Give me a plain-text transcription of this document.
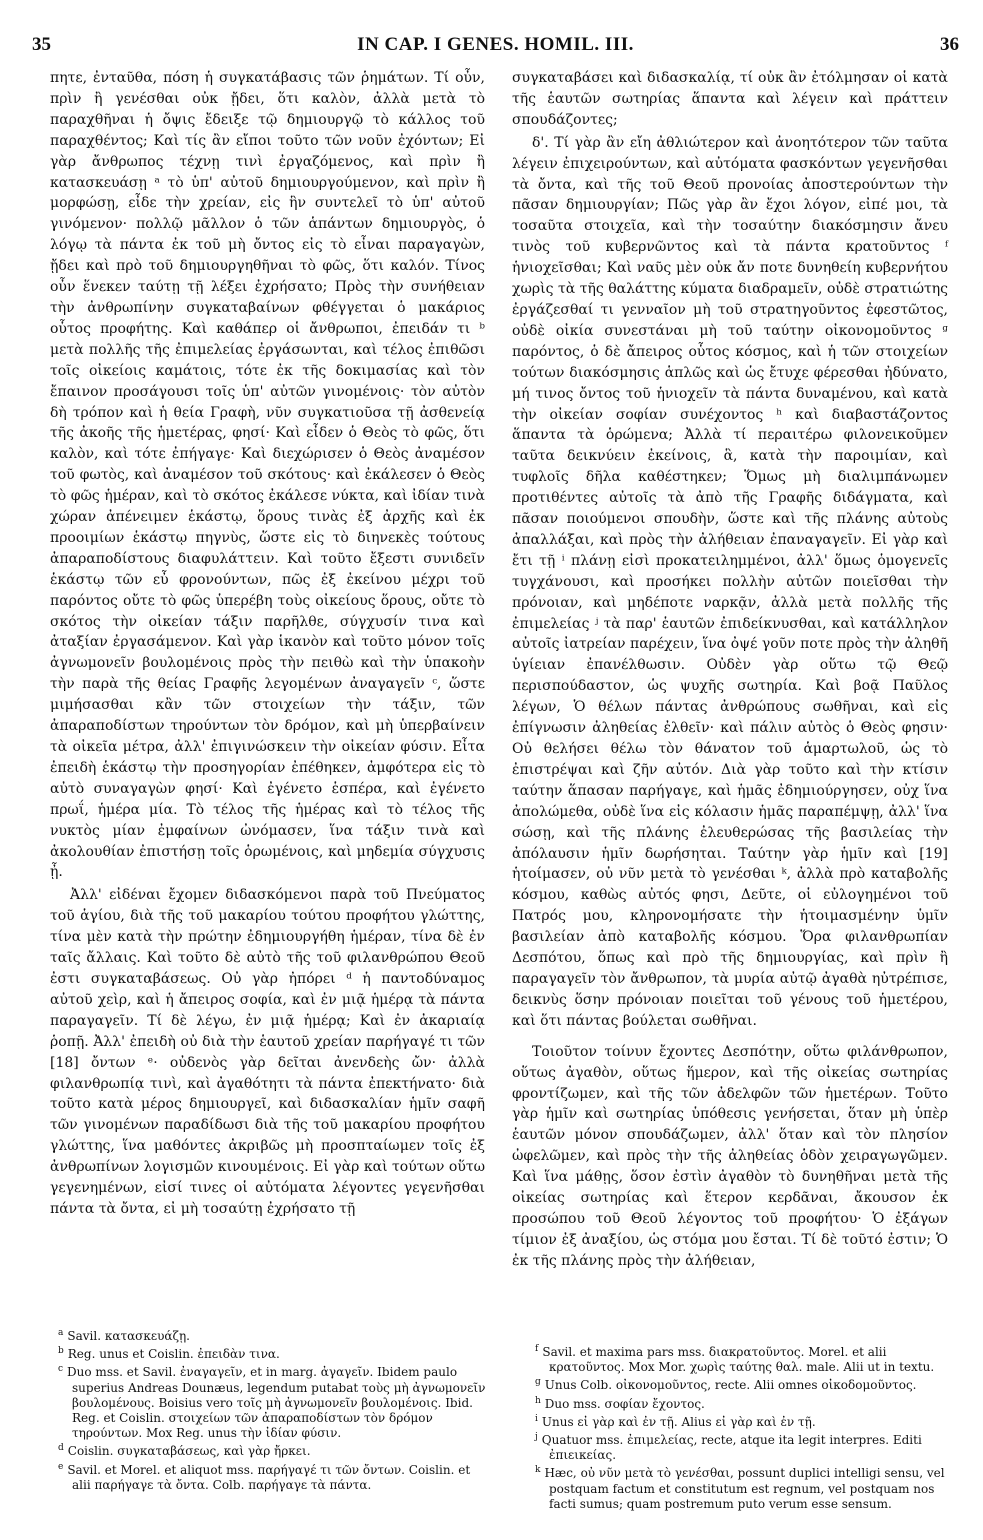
35	IN CAP. I GENES. HOMIL. III.	36

πητε, ἐνταῦθα, πόση ἡ συγκατάβασις τῶν ῥημάτων. Τί οὖν, πρὶν ἢ γενέσθαι οὐκ ᾔδει, ὅτι καλὸν, ἀλλὰ μετὰ τὸ παραχθῆναι ἡ ὄψις ἔδειξε τῷ δημιουργῷ τὸ κάλλος τοῦ παραχθέντος; Καὶ τίς ἂν εἴποι τοῦτο τῶν νοῦν ἐχόντων; Εἰ γὰρ ἄνθρωπος τέχνῃ τινὶ ἐργαζόμενος, καὶ πρὶν ἢ κατασκευάσῃ ᵃ τὸ ὑπ' αὐτοῦ δημιουργούμενον, καὶ πρὶν ἢ μορφώσῃ, εἶδε τὴν χρείαν, εἰς ἣν συντελεῖ τὸ ὑπ' αὐτοῦ γινόμενον· πολλῷ μᾶλλον ὁ τῶν ἁπάντων δημιουργὸς, ὁ λόγῳ τὰ πάντα ἐκ τοῦ μὴ ὄντος εἰς τὸ εἶναι παραγαγὼν, ᾔδει καὶ πρὸ τοῦ δημιουργηθῆναι τὸ φῶς, ὅτι καλόν. Τίνος οὖν ἕνεκεν ταύτῃ τῇ λέξει ἐχρήσατο; Πρὸς τὴν συνήθειαν τὴν ἀνθρωπίνην συγκαταβαίνων φθέγγεται ὁ μακάριος οὗτος προφήτης. Καὶ καθάπερ οἱ ἄνθρωποι, ἐπειδάν τι ᵇ μετὰ πολλῆς τῆς ἐπιμελείας ἐργάσωνται, καὶ τέλος ἐπιθῶσι τοῖς οἰκείοις καμάτοις, τότε ἐκ τῆς δοκιμασίας καὶ τὸν ἔπαινον προσάγουσι τοῖς ὑπ' αὐτῶν γινομένοις· τὸν αὐτὸν δὴ τρόπον καὶ ἡ θεία Γραφὴ, νῦν συγκατιοῦσα τῇ ἀσθενείᾳ τῆς ἀκοῆς τῆς ἡμετέρας, φησί· Καὶ εἶδεν ὁ Θεὸς τὸ φῶς, ὅτι καλὸν, καὶ τότε ἐπήγαγε· Καὶ διεχώρισεν ὁ Θεὸς ἀναμέσον τοῦ φωτὸς, καὶ ἀναμέσον τοῦ σκότους· καὶ ἐκάλεσεν ὁ Θεὸς τὸ φῶς ἡμέραν, καὶ τὸ σκότος ἐκάλεσε νύκτα, καὶ ἰδίαν τινὰ χώραν ἀπένειμεν ἑκάστῳ, ὅρους τινὰς ἐξ ἀρχῆς καὶ ἐκ προοιμίων ἑκάστῳ πηγνὺς, ὥστε εἰς τὸ διηνεκὲς τούτους ἀπαραποδίστους διαφυλάττειν. Καὶ τοῦτο ἔξεστι συνιδεῖν ἑκάστῳ τῶν εὖ φρονούντων, πῶς ἐξ ἐκείνου μέχρι τοῦ παρόντος οὔτε τὸ φῶς ὑπερέβη τοὺς οἰκείους ὅρους, οὔτε τὸ σκότος τὴν οἰκείαν τάξιν παρῆλθε, σύγχυσίν τινα καὶ ἀταξίαν ἐργασάμενον. Καὶ γὰρ ἱκανὸν καὶ τοῦτο μόνον τοῖς ἀγνωμονεῖν βουλομένοις πρὸς τὴν πειθὼ καὶ τὴν ὑπακοὴν τὴν παρὰ τῆς θείας Γραφῆς λεγομένων ἀναγαγεῖν ᶜ, ὥστε μιμήσασθαι κἂν τῶν στοιχείων τὴν τάξιν, τῶν ἀπαραποδίστων τηρούντων τὸν δρόμον, καὶ μὴ ὑπερβαίνειν τὰ οἰκεῖα μέτρα, ἀλλ' ἐπιγινώσκειν τὴν οἰκείαν φύσιν. Εἶτα ἐπειδὴ ἑκάστῳ τὴν προσηγορίαν ἐπέθηκεν, ἀμφότερα εἰς τὸ αὐτὸ συναγαγὼν φησί· Καὶ ἐγένετο ἑσπέρα, καὶ ἐγένετο πρωΐ, ἡμέρα μία. Τὸ τέλος τῆς ἡμέρας καὶ τὸ τέλος τῆς νυκτὸς μίαν ἐμφαίνων ὠνόμασεν, ἵνα τάξιν τινὰ καὶ ἀκολουθίαν ἐπιστήσῃ τοῖς ὁρωμένοις, καὶ μηδεμία σύγχυσις ᾖ.

Ἀλλ' εἰδέναι ἔχομεν διδασκόμενοι παρὰ τοῦ Πνεύματος τοῦ ἁγίου, διὰ τῆς τοῦ μακαρίου τούτου προφήτου γλώττης, τίνα μὲν κατὰ τὴν πρώτην ἐδημιουργήθη ἡμέραν, τίνα δὲ ἐν ταῖς ἄλλαις. Καὶ τοῦτο δὲ αὐτὸ τῆς τοῦ φιλανθρώπου Θεοῦ ἐστι συγκαταβάσεως. Οὐ γὰρ ἠπόρει ᵈ ἡ παντοδύναμος αὐτοῦ χεὶρ, καὶ ἡ ἄπειρος σοφία, καὶ ἐν μιᾷ ἡμέρᾳ τὰ πάντα παραγαγεῖν. Τί δὲ λέγω, ἐν μιᾷ ἡμέρᾳ; Καὶ ἐν ἀκαριαίᾳ ῥοπῇ. Ἀλλ' ἐπειδὴ οὐ διὰ τὴν ἑαυτοῦ χρείαν παρήγαγέ τι τῶν [18] ὄντων ᵉ· οὐδενὸς γὰρ δεῖται ἀνενδεὴς ὤν· ἀλλὰ φιλανθρωπίᾳ τινὶ, καὶ ἀγαθότητι τὰ πάντα ἐπεκτήνατο· διὰ τοῦτο κατὰ μέρος δημιουργεῖ, καὶ διδασκαλίαν ἡμῖν σαφῆ τῶν γινομένων παραδίδωσι διὰ τῆς τοῦ μακαρίου προφήτου γλώττης, ἵνα μαθόντες ἀκριβῶς μὴ προσπταίωμεν τοῖς ἐξ ἀνθρωπίνων λογισμῶν κινουμένοις. Εἰ γὰρ καὶ τούτων οὕτω γεγενημένων, εἰσί τινες οἱ αὐτόματα λέγοντες γεγενῆσθαι πάντα τὰ ὄντα, εἰ μὴ τοσαύτῃ ἐχρήσατο τῇ

συγκαταβάσει καὶ διδασκαλίᾳ, τί οὐκ ἂν ἐτόλμησαν οἱ κατὰ τῆς ἑαυτῶν σωτηρίας ἅπαντα καὶ λέγειν καὶ πράττειν σπουδάζοντες;

δ'. Τί γὰρ ἂν εἴη ἀθλιώτερον καὶ ἀνοητότερον τῶν ταῦτα λέγειν ἐπιχειρούντων, καὶ αὐτόματα φασκόντων γεγενῆσθαι τὰ ὄντα, καὶ τῆς τοῦ Θεοῦ προνοίας ἀποστερούντων τὴν πᾶσαν δημιουργίαν; Πῶς γὰρ ἂν ἔχοι λόγον, εἰπέ μοι, τὰ τοσαῦτα στοιχεῖα, καὶ τὴν τοσαύτην διακόσμησιν ἄνευ τινὸς τοῦ κυβερνῶντος καὶ τὰ πάντα κρατοῦντος ᶠ ἡνιοχεῖσθαι; Καὶ ναῦς μὲν οὐκ ἄν ποτε δυνηθείη κυβερνήτου χωρὶς τὰ τῆς θαλάττης κύματα διαδραμεῖν, οὐδὲ στρατιώτης ἐργάζεσθαί τι γενναῖον μὴ τοῦ στρατηγοῦντος ἐφεστῶτος, οὐδὲ οἰκία συνεστάναι μὴ τοῦ ταύτην οἰκονομοῦντος ᵍ παρόντος, ὁ δὲ ἄπειρος οὗτος κόσμος, καὶ ἡ τῶν στοιχείων τούτων διακόσμησις ἁπλῶς καὶ ὡς ἔτυχε φέρεσθαι ἠδύνατο, μή τινος ὄντος τοῦ ἡνιοχεῖν τὰ πάντα δυναμένου, καὶ κατὰ τὴν οἰκείαν σοφίαν συνέχοντος ʰ καὶ διαβαστάζοντος ἅπαντα τὰ ὁρώμενα; Ἀλλὰ τί περαιτέρω φιλονεικοῦμεν ταῦτα δεικνύειν ἐκείνοις, ἃ, κατὰ τὴν παροιμίαν, καὶ τυφλοῖς δῆλα καθέστηκεν; Ὅμως μὴ διαλιμπάνωμεν προτιθέντες αὐτοῖς τὰ ἀπὸ τῆς Γραφῆς διδάγματα, καὶ πᾶσαν ποιούμενοι σπουδὴν, ὥστε καὶ τῆς πλάνης αὐτοὺς ἀπαλλάξαι, καὶ πρὸς τὴν ἀλήθειαν ἐπαναγαγεῖν. Εἰ γὰρ καὶ ἔτι τῇ ⁱ πλάνῃ εἰσὶ προκατειλημμένοι, ἀλλ' ὅμως ὁμογενεῖς τυγχάνουσι, καὶ προσήκει πολλὴν αὐτῶν ποιεῖσθαι τὴν πρόνοιαν, καὶ μηδέποτε ναρκᾷν, ἀλλὰ μετὰ πολλῆς τῆς ἐπιμελείας ʲ τὰ παρ' ἑαυτῶν ἐπιδείκνυσθαι, καὶ κατάλληλον αὐτοῖς ἰατρείαν παρέχειν, ἵνα ὀψέ γοῦν ποτε πρὸς τὴν ἀληθῆ ὑγίειαν ἐπανέλθωσιν. Οὐδὲν γὰρ οὕτω τῷ Θεῷ περισπούδαστον, ὡς ψυχῆς σωτηρία. Καὶ βοᾷ Παῦλος λέγων, Ὁ θέλων πάντας ἀνθρώπους σωθῆναι, καὶ εἰς ἐπίγνωσιν ἀληθείας ἐλθεῖν· καὶ πάλιν αὐτὸς ὁ Θεὸς φησιν· Οὐ θελήσει θέλω τὸν θάνατον τοῦ ἁμαρτωλοῦ, ὡς τὸ ἐπιστρέψαι καὶ ζῆν αὐτόν. Διὰ γὰρ τοῦτο καὶ τὴν κτίσιν ταύτην ἅπασαν παρήγαγε, καὶ ἡμᾶς ἐδημιούργησεν, οὐχ ἵνα ἀπολώμεθα, οὐδὲ ἵνα εἰς κόλασιν ἡμᾶς παραπέμψῃ, ἀλλ' ἵνα σώσῃ, καὶ τῆς πλάνης ἐλευθερώσας τῆς βασιλείας τὴν ἀπόλαυσιν ἡμῖν δωρήσηται. Ταύτην γὰρ ἡμῖν καὶ [19] ἡτοίμασεν, οὐ νῦν μετὰ τὸ γενέσθαι ᵏ, ἀλλὰ πρὸ καταβολῆς κόσμου, καθὼς αὐτός φησι, Δεῦτε, οἱ εὐλογημένοι τοῦ Πατρός μου, κληρονομήσατε τὴν ἡτοιμασμένην ὑμῖν βασιλείαν ἀπὸ καταβολῆς κόσμου. Ὅρα φιλανθρωπίαν Δεσπότου, ὅπως καὶ πρὸ τῆς δημιουργίας, καὶ πρὶν ἢ παραγαγεῖν τὸν ἄνθρωπον, τὰ μυρία αὐτῷ ἀγαθὰ ηὐτρέπισε, δεικνὺς ὅσην πρόνοιαν ποιεῖται τοῦ γένους τοῦ ἡμετέρου, καὶ ὅτι πάντας βούλεται σωθῆναι.

Τοιοῦτον τοίνυν ἔχοντες Δεσπότην, οὕτω φιλάνθρωπον, οὕτως ἀγαθὸν, οὕτως ἥμερον, καὶ τῆς οἰκείας σωτηρίας φροντίζωμεν, καὶ τῆς τῶν ἀδελφῶν τῶν ἡμετέρων. Τοῦτο γὰρ ἡμῖν καὶ σωτηρίας ὑπόθεσις γενήσεται, ὅταν μὴ ὑπὲρ ἑαυτῶν μόνον σπουδάζωμεν, ἀλλ' ὅταν καὶ τὸν πλησίον ὠφελῶμεν, καὶ πρὸς τὴν τῆς ἀληθείας ὁδὸν χειραγωγῶμεν. Καὶ ἵνα μάθῃς, ὅσον ἐστὶν ἀγαθὸν τὸ δυνηθῆναι μετὰ τῆς οἰκείας σωτηρίας καὶ ἕτερον κερδᾶναι, ἄκουσον ἐκ προσώπου τοῦ Θεοῦ λέγοντος τοῦ προφήτου· Ὁ ἐξάγων τίμιον ἐξ ἀναξίου, ὡς στόμα μου ἔσται. Τί δὲ τοῦτό ἐστιν; Ὁ ἐκ τῆς πλάνης πρὸς τὴν ἀλήθειαν,

$^a$ Savil. κατασκευάζῃ.

$^b$ Reg. unus et Coislin. ἐπειδὰν τινα.

$^c$ Duo mss. et Savil. ἐναγαγεῖν, et in marg. ἀγαγεῖν. Ibidem paulo superius Andreas Dounæus, legendum putabat τοὺς μὴ ἀγνωμονεῖν βουλομένους. Boisius vero τοῖς μὴ ἀγνωμονεῖν βουλομένοις. Ibid. Reg. et Coislin. στοιχείων τῶν ἀπαραποδίστων τὸν δρόμον τηρούντων. Mox Reg. unus τὴν ἰδίαν φύσιν.

$^d$ Coislin. συγκαταβάσεως, καὶ γὰρ ἤρκει.

$^e$ Savil. et Morel. et aliquot mss. παρήγαγέ τι τῶν ὄντων. Coislin. et alii παρήγαγε τὰ ὄντα. Colb. παρήγαγε τὰ πάντα.

$^f$ Savil. et maxima pars mss. διακρατοῦντος. Morel. et alii κρατοῦντος. Mox Mor. χωρὶς ταύτης θαλ. male. Alii ut in textu.

$^g$ Unus Colb. οἰκονομοῦντος, recte. Alii omnes οἰκοδομοῦντος.

$^h$ Duo mss. σοφίαν ἔχοντος.

$^i$ Unus εἰ γὰρ καὶ ἐν τῇ. Alius εἰ γὰρ καὶ ἐν τῇ.

$^j$ Quatuor mss. ἐπιμελείας, recte, atque ita legit interpres. Editi ἐπιεικείας.

$^k$ Hæc, οὐ νῦν μετὰ τὸ γενέσθαι, possunt duplici intelligi sensu, vel postquam factum et constitutum est regnum, vel postquam nos facti sumus; quam postremum puto verum esse sensum.
